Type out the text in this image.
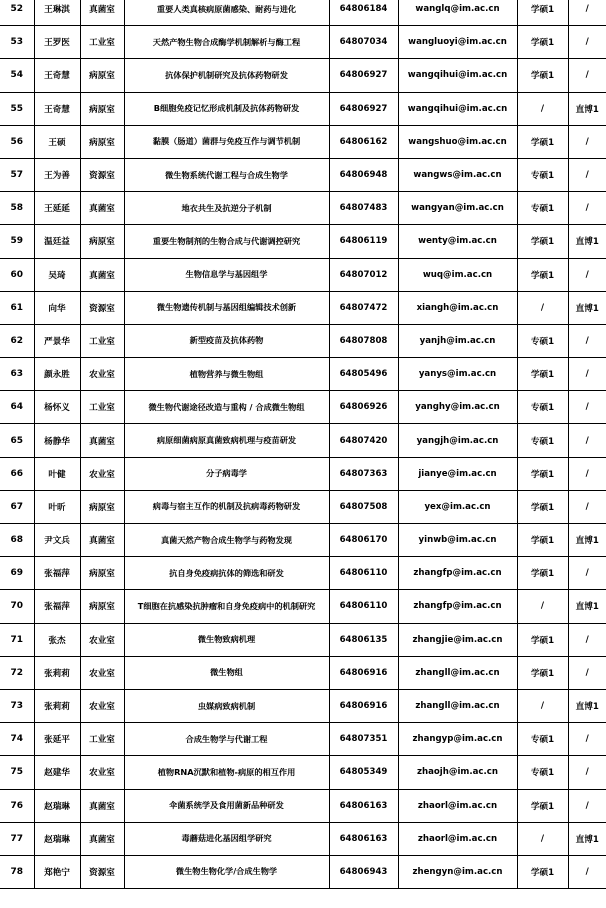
52	王琳淇	真菌室	重要人类真核病原菌感染、耐药与进化	64806184	wanglq@im.ac.cn	学硕1	/
53	王罗医	工业室	天然产物生物合成酶学机制解析与酶工程	64807034	wangluoyi@im.ac.cn	学硕1	/
54	王奇慧	病原室	抗体保护机制研究及抗体药物研发	64806927	wangqihui@im.ac.cn	学硕1	/
55	王奇慧	病原室	B细胞免疫记忆形成机制及抗体药物研发	64806927	wangqihui@im.ac.cn	/	直博1
56	王硕	病原室	黏膜（肠道）菌群与免疫互作与调节机制	64806162	wangshuo@im.ac.cn	学硕1	/
57	王为善	资源室	微生物系统代谢工程与合成生物学	64806948	wangws@im.ac.cn	专硕1	/
58	王延延	真菌室	地衣共生及抗逆分子机制	64807483	wangyan@im.ac.cn	专硕1	/
59	温廷益	病原室	重要生物制剂的生物合成与代谢调控研究	64806119	wenty@im.ac.cn	学硕1	直博1
60	吴琦	真菌室	生物信息学与基因组学	64807012	wuq@im.ac.cn	学硕1	/
61	向华	资源室	微生物遗传机制与基因组编辑技术创新	64807472	xiangh@im.ac.cn	/	直博1
62	严景华	工业室	新型疫苗及抗体药物	64807808	yanjh@im.ac.cn	专硕1	/
63	颜永胜	农业室	植物营养与微生物组	64805496	yanys@im.ac.cn	学硕1	/
64	杨怀义	工业室	微生物代谢途径改造与重构 / 合成微生物组	64806926	yanghy@im.ac.cn	专硕1	/
65	杨静华	真菌室	病原细菌病原真菌致病机理与疫苗研发	64807420	yangjh@im.ac.cn	专硕1	/
66	叶健	农业室	分子病毒学	64807363	jianye@im.ac.cn	学硕1	/
67	叶昕	病原室	病毒与宿主互作的机制及抗病毒药物研发	64807508	yex@im.ac.cn	学硕1	/
68	尹文兵	真菌室	真菌天然产物合成生物学与药物发现	64806170	yinwb@im.ac.cn	学硕1	直博1
69	张福萍	病原室	抗自身免疫病抗体的筛选和研发	64806110	zhangfp@im.ac.cn	学硕1	/
70	张福萍	病原室	T细胞在抗感染抗肿瘤和自身免疫病中的机制研究	64806110	zhangfp@im.ac.cn	/	直博1
71	张杰	农业室	微生物致病机理	64806135	zhangjie@im.ac.cn	学硕1	/
72	张莉莉	农业室	微生物组	64806916	zhangll@im.ac.cn	学硕1	/
73	张莉莉	农业室	虫媒病致病机制	64806916	zhangll@im.ac.cn	/	直博1
74	张延平	工业室	合成生物学与代谢工程	64807351	zhangyp@im.ac.cn	专硕1	/
75	赵建华	农业室	植物RNA沉默和植物-病原的相互作用	64805349	zhaojh@im.ac.cn	专硕1	/
76	赵瑞琳	真菌室	伞菌系统学及食用菌新品种研发	64806163	zhaorl@im.ac.cn	学硕1	/
77	赵瑞琳	真菌室	毒蘑菇进化基因组学研究	64806163	zhaorl@im.ac.cn	/	直博1
78	郑艳宁	资源室	微生物生物化学/合成生物学	64806943	zhengyn@im.ac.cn	学硕1	/
